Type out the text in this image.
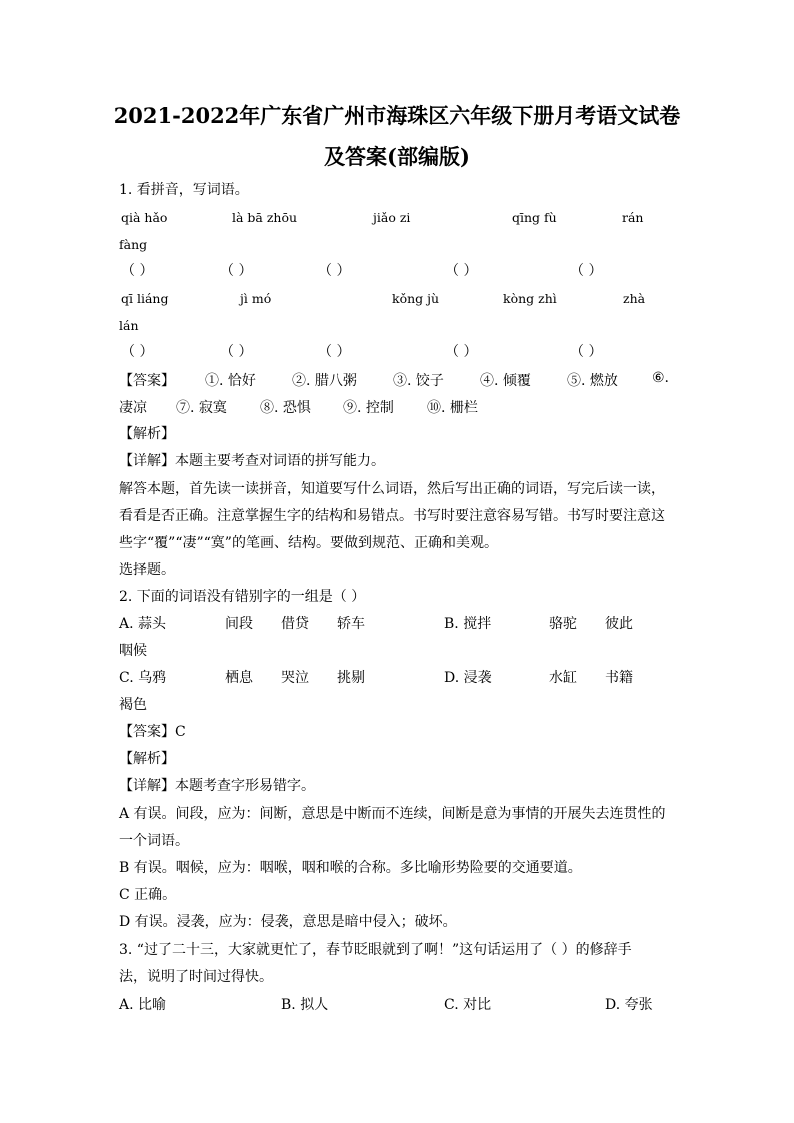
2021-2022年广东省广州市海珠区六年级下册月考语文试卷
及答案(部编版)
1. 看拼音，写词语。
qià hǎo	là bā zhōu	jiǎo zi	qīng fù	rán
fàng
（ ）	（ ）	（ ）	（ ）	（ ）
qī liáng	jì mó	kǒng jù	kòng zhì	zhà
lán
（ ）	（ ）	（ ）	（ ）	（ ）
【答案】 ①. 恰好	②. 腊八粥	③. 饺子	④. 倾覆	⑤. 燃放 ⑥.
凄凉 ⑦. 寂寞 ⑧. 恐惧 ⑨. 控制 ⑩. 栅栏
【解析】
【详解】本题主要考查对词语的拼写能力。
解答本题，首先读一读拼音，知道要写什么词语，然后写出正确的词语，写完后读一读，
看看是否正确。注意掌握生字的结构和易错点。书写时要注意容易写错。书写时要注意这
些字“覆”“凄”“寞”的笔画、结构。要做到规范、正确和美观。
选择题。
2. 下面的词语没有错别字的一组是（ ）
A. 蒜头	间段 借贷 轿车	B. 搅拌	骆驼 彼此
咽候
C. 乌鸦	栖息 哭泣 挑剔	D. 浸袭	水缸 书籍
褐色
【答案】C
【解析】
【详解】本题考查字形易错字。
A 有误。间段，应为：间断，意思是中断而不连续，间断是意为事情的开展失去连贯性的
一个词语。
B 有误。咽候，应为：咽喉，咽和喉的合称。多比喻形势险要的交通要道。
C 正确。
D 有误。浸袭，应为：侵袭，意思是暗中侵入；破坏。
3. “过了二十三，大家就更忙了，春节眨眼就到了啊！”这句话运用了（ ）的修辞手
法，说明了时间过得快。
A. 比喻	B. 拟人	C. 对比	D. 夸张
